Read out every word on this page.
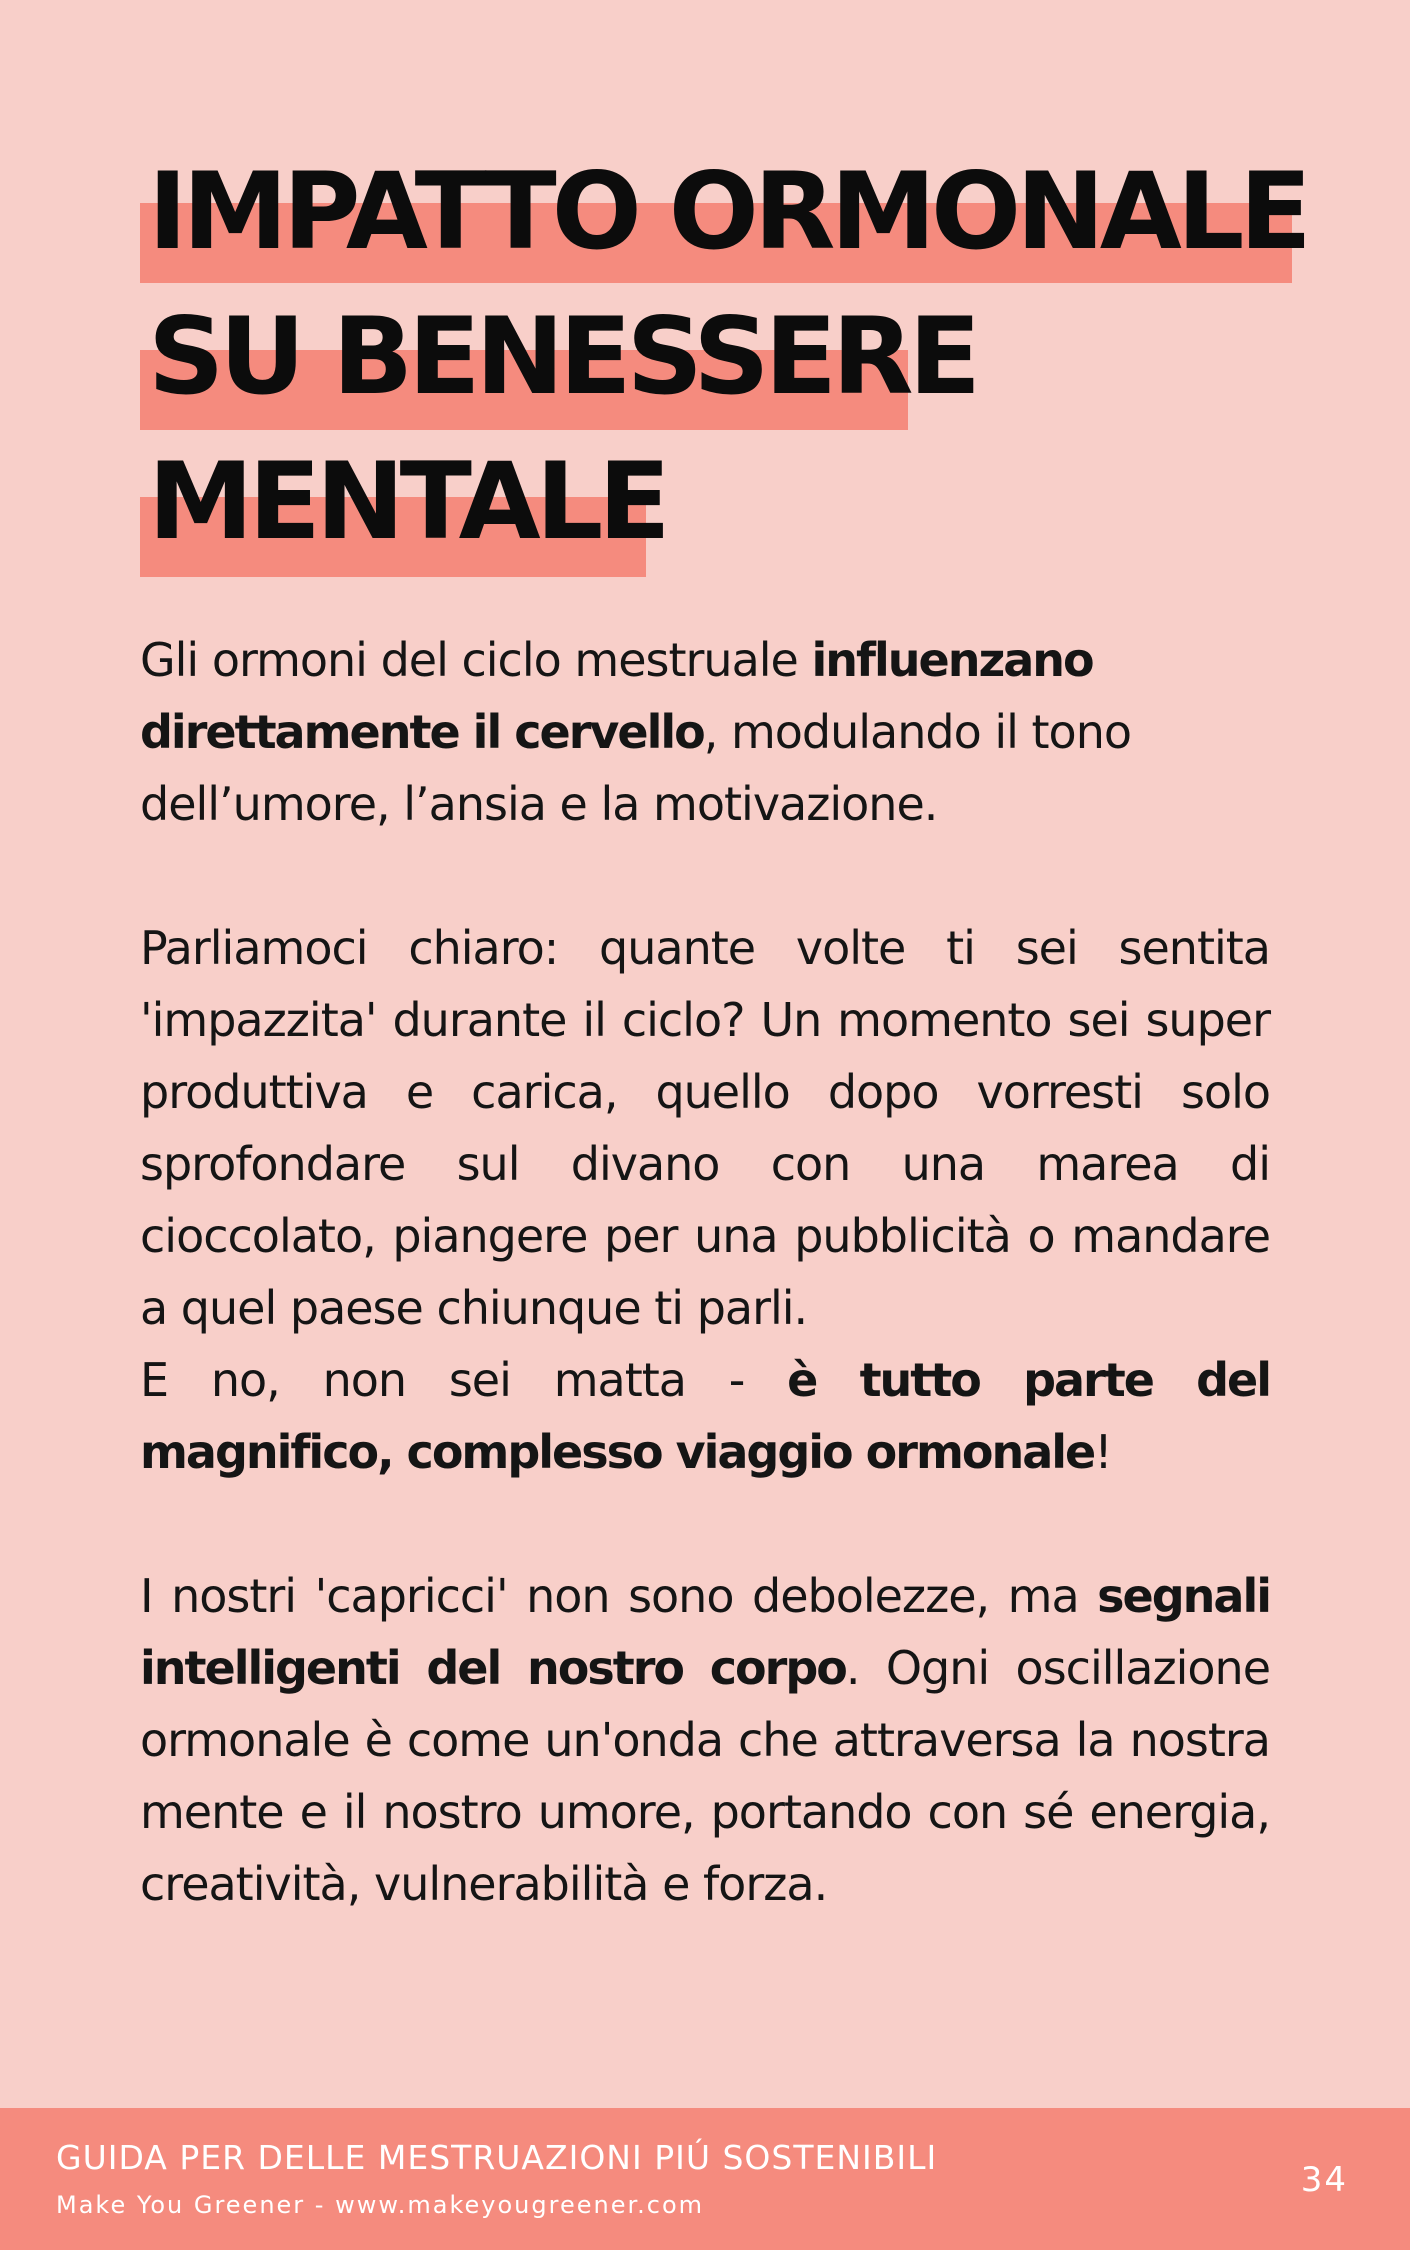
IMPATTO ORMONALE
SU BENESSERE
MENTALE

Gli ormoni del ciclo mestruale influenzano direttamente il cervello, modulando il tono dell’umore, l’ansia e la motivazione.

Parliamoci chiaro: quante volte ti sei sentita 'impazzita' durante il ciclo? Un momento sei super produttiva e carica, quello dopo vorresti solo sprofondare sul divano con una marea di cioccolato, piangere per una pubblicità o mandare a quel paese chiunque ti parli.

E no, non sei matta - è tutto parte del magnifico, complesso viaggio ormonale!

I nostri 'capricci' non sono debolezze, ma segnali intelligenti del nostro corpo. Ogni oscillazione ormonale è come un'onda che attraversa la nostra mente e il nostro umore, portando con sé energia, creatività, vulnerabilità e forza.

GUIDA PER DELLE MESTRUAZIONI PIÚ SOSTENIBILI
Make You Greener - www.makeyougreener.com
34
